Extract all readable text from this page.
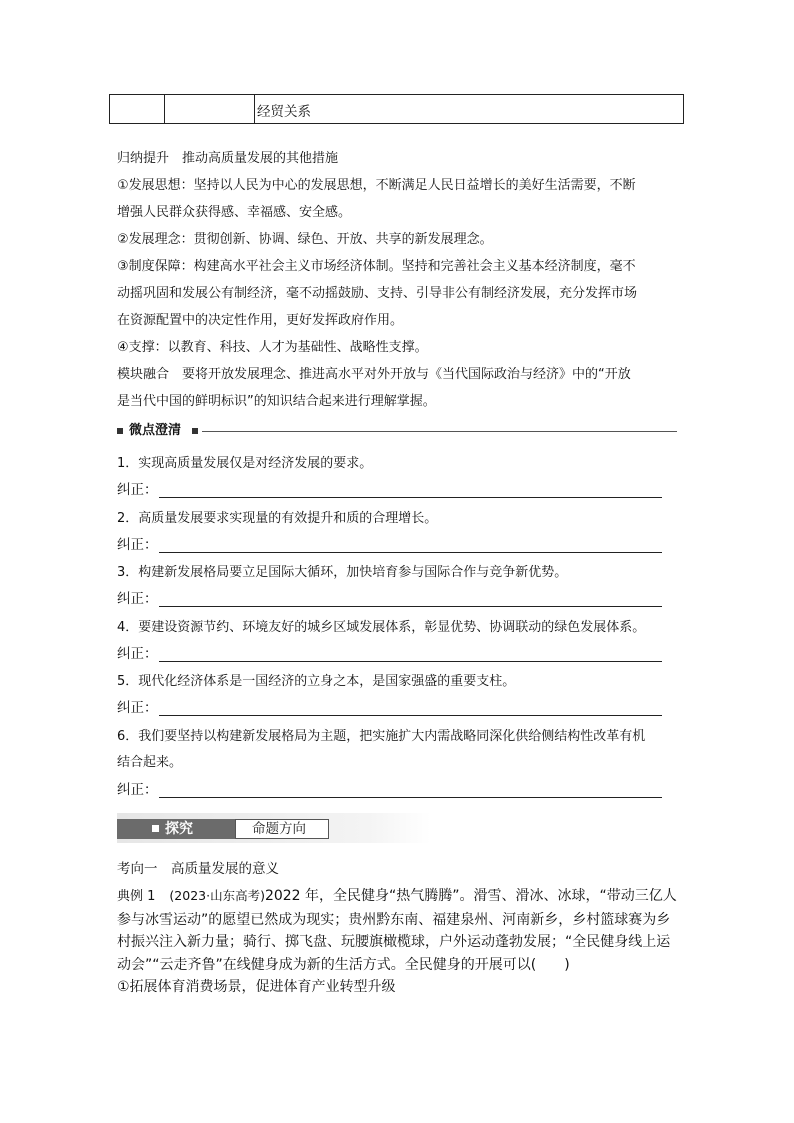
经贸关系
归纳提升　推动高质量发展的其他措施
①发展思想：坚持以人民为中心的发展思想，不断满足人民日益增长的美好生活需要，不断
增强人民群众获得感、幸福感、安全感。
②发展理念：贯彻创新、协调、绿色、开放、共享的新发展理念。
③制度保障：构建高水平社会主义市场经济体制。坚持和完善社会主义基本经济制度，毫不
动摇巩固和发展公有制经济，毫不动摇鼓励、支持、引导非公有制经济发展，充分发挥市场
在资源配置中的决定性作用，更好发挥政府作用。
④支撑：以教育、科技、人才为基础性、战略性支撑。
模块融合　要将开放发展理念、推进高水平对外开放与《当代国际政治与经济》中的“开放
是当代中国的鲜明标识”的知识结合起来进行理解掌握。
微点澄清
1．实现高质量发展仅是对经济发展的要求。
纠正：
2．高质量发展要求实现量的有效提升和质的合理增长。
纠正：
3．构建新发展格局要立足国际大循环，加快培育参与国际合作与竞争新优势。
纠正：
4．要建设资源节约、环境友好的城乡区域发展体系，彰显优势、协调联动的绿色发展体系。
纠正：
5．现代化经济体系是一国经济的立身之本，是国家强盛的重要支柱。
纠正：
6．我们要坚持以构建新发展格局为主题，把实施扩大内需战略同深化供给侧结构性改革有机
结合起来。
纠正：
探究	命题方向
考向一　高质量发展的意义
典例 1 (2023·山东高考)2022 年，全民健身“热气腾腾”。滑雪、滑冰、冰球，“带动三亿人
参与冰雪运动”的愿望已然成为现实；贵州黔东南、福建泉州、河南新乡，乡村篮球赛为乡
村振兴注入新力量；骑行、掷飞盘、玩腰旗橄榄球，户外运动蓬勃发展；“全民健身线上运
动会”“云走齐鲁”在线健身成为新的生活方式。全民健身的开展可以(　　)
①拓展体育消费场景，促进体育产业转型升级
